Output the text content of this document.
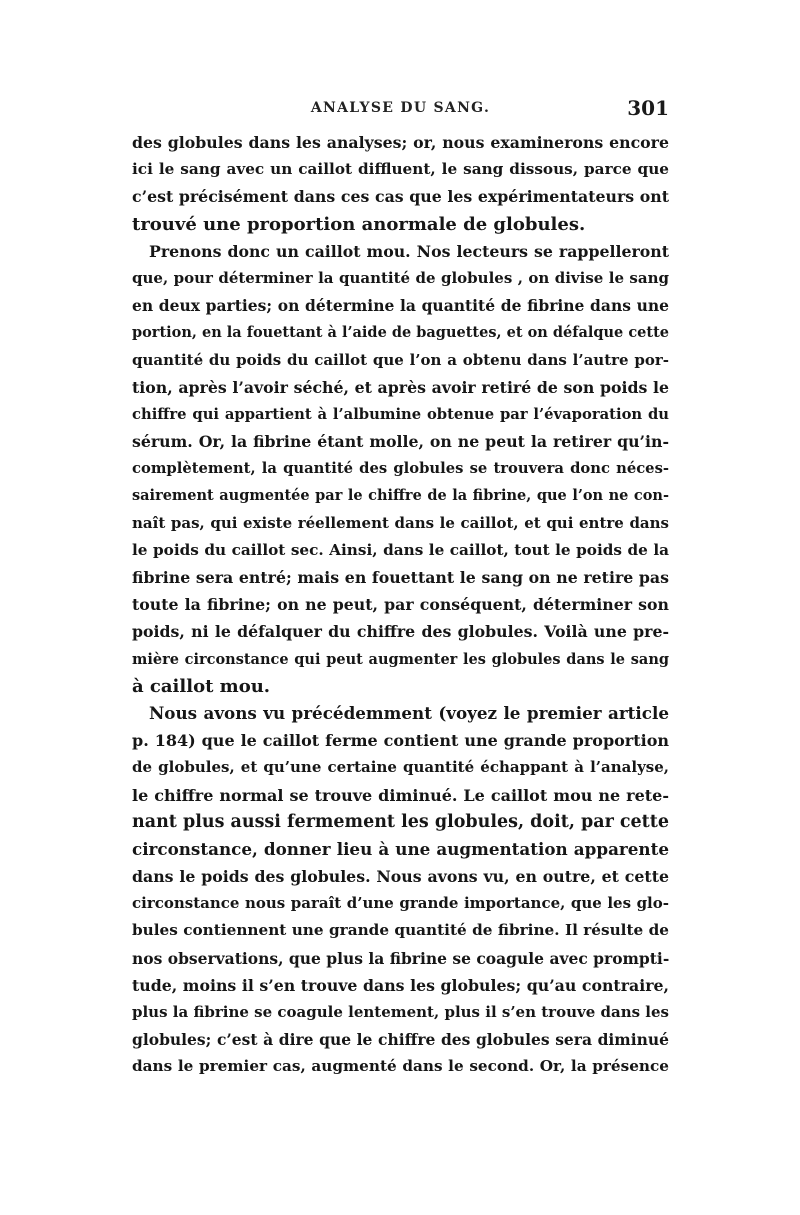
ANALYSE DU SANG.	301
des globules dans les analyses; or, nous examinerons encore
ici le sang avec un caillot diffluent, le sang dissous, parce que
c’est précisément dans ces cas que les expérimentateurs ont
trouvé une proportion anormale de globules.
Prenons donc un caillot mou. Nos lecteurs se rappelleront
que, pour déterminer la quantité de globules , on divise le sang
en deux parties; on détermine la quantité de fibrine dans une
portion, en la fouettant à l’aide de baguettes, et on défalque cette
quantité du poids du caillot que l’on a obtenu dans l’autre por-
tion, après l’avoir séché, et après avoir retiré de son poids le
chiffre qui appartient à l’albumine obtenue par l’évaporation du
sérum. Or, la fibrine étant molle, on ne peut la retirer qu’in-
complètement, la quantité des globules se trouvera donc néces-
sairement augmentée par le chiffre de la fibrine, que l’on ne con-
naît pas, qui existe réellement dans le caillot, et qui entre dans
le poids du caillot sec. Ainsi, dans le caillot, tout le poids de la
fibrine sera entré; mais en fouettant le sang on ne retire pas
toute la fibrine; on ne peut, par conséquent, déterminer son
poids, ni le défalquer du chiffre des globules. Voilà une pre-
mière circonstance qui peut augmenter les globules dans le sang
à caillot mou.
Nous avons vu précédemment (voyez le premier article
p. 184) que le caillot ferme contient une grande proportion
de globules, et qu’une certaine quantité échappant à l’analyse,
le chiffre normal se trouve diminué. Le caillot mou ne rete-
nant plus aussi fermement les globules, doit, par cette
circonstance, donner lieu à une augmentation apparente
dans le poids des globules. Nous avons vu, en outre, et cette
circonstance nous paraît d’une grande importance, que les glo-
bules contiennent une grande quantité de fibrine. Il résulte de
nos observations, que plus la fibrine se coagule avec prompti-
tude, moins il s’en trouve dans les globules; qu’au contraire,
plus la fibrine se coagule lentement, plus il s’en trouve dans les
globules; c’est à dire que le chiffre des globules sera diminué
dans le premier cas, augmenté dans le second. Or, la présence
